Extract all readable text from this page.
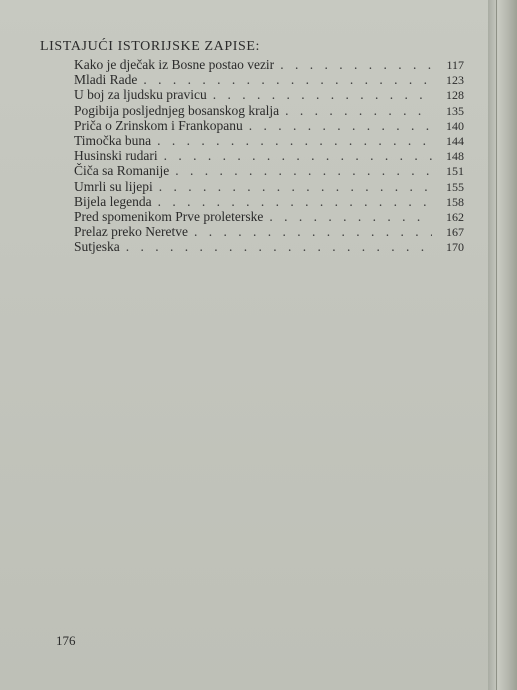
LISTAJUĆI ISTORIJSKE ZAPISE:
Kako je dječak iz Bosne postao vezir . . .	117
Mladi Rade . . .	123
U boj za ljudsku pravicu . . .	128
Pogibija posljednjeg bosanskog kralja . . .	135
Priča o Zrinskom i Frankopanu . . .	140
Timočka buna . . .	144
Husinski rudari . . .	148
Čiča sa Romanije . . .	151
Umrli su lijepi . . .	155
Bijela legenda . . .	158
Pred spomenikom Prve proleterske . . .	162
Prelaz preko Neretve . . .	167
Sutjeska . . .	170
176
